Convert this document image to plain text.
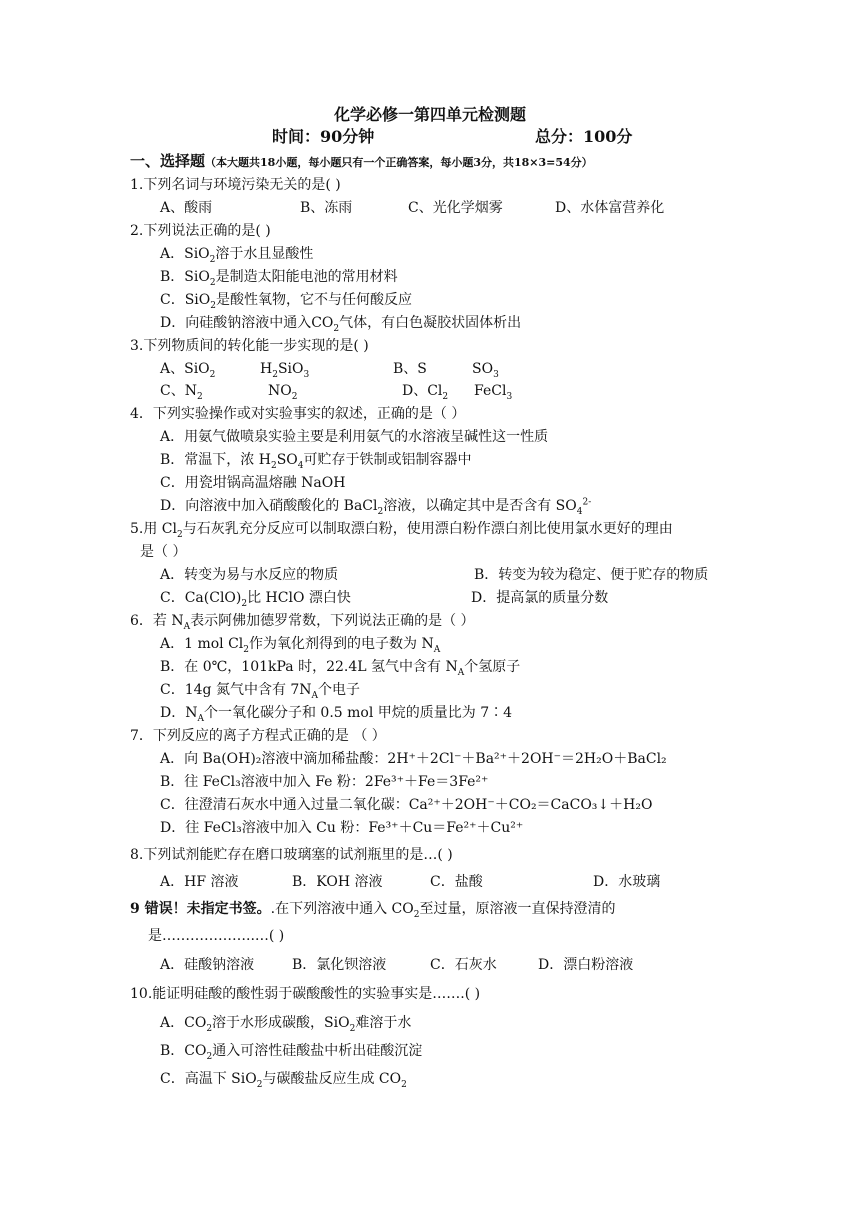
化学必修一第四单元检测题
时间：90分钟	总分：100分
一、选择题（本大题共18小题，每小题只有一个正确答案，每小题3分，共18×3=54分）
1.下列名词与环境污染无关的是( )
A、酸雨	B、冻雨	C、光化学烟雾	D、水体富营养化
2.下列说法正确的是( )
A．SiO$_2$溶于水且显酸性
B．SiO$_2$是制造太阳能电池的常用材料
C．SiO$_2$是酸性氧物，它不与任何酸反应
D．向硅酸钠溶液中通入$CO_2$气体，有白色凝胶状固体析出
3.下列物质间的转化能一步实现的是( )
A、SiO$_2$	$H_2SiO_3$	B、S	$SO_3$
C、$N_2$	$NO_2$	D、$Cl_2$ FeCl$_3$
4．下列实验操作或对实验事实的叙述，正确的是（ ）
A．用氨气做喷泉实验主要是利用氨气的水溶液呈碱性这一性质
B．常温下，浓 $H_2SO_4$可贮存于铁制或铝制容器中
C．用瓷坩锅高温熔融 NaOH
D．向溶液中加入硝酸酸化的 BaCl$_2$溶液，以确定其中是否含有 $SO_4^{2-}$
5.用 $Cl_2$与石灰乳充分反应可以制取漂白粉，使用漂白粉作漂白剂比使用氯水更好的理由
是（ ）
A．转变为易与水反应的物质	B．转变为较为稳定、便于贮存的物质
C．$Ca(ClO)_2$比 HClO 漂白快	D．提高氯的质量分数
6．若 $N_A$表示阿佛加德罗常数，下列说法正确的是（ ）
A．1 mol $Cl_2$作为氧化剂得到的电子数为 $N_A$
B．在 0℃，101kPa 时，22.4L 氢气中含有 $N_A$个氢原子
C．14g 氮气中含有 $7N_A$个电子
D．$N_A$个一氧化碳分子和 0.5 mol 甲烷的质量比为 7∶4
7．下列反应的离子方程式正确的是 （ ）
A．向 Ba(OH)₂溶液中滴加稀盐酸：2H⁺＋2Cl⁻＋Ba²⁺＋2OH⁻＝2H₂O＋BaCl₂
B．往 FeCl₃溶液中加入 Fe 粉：2Fe³⁺＋Fe＝3Fe²⁺
C．往澄清石灰水中通入过量二氧化碳：Ca²⁺＋2OH⁻＋CO₂＝CaCO₃↓＋H₂O
D．往 FeCl₃溶液中加入 Cu 粉：Fe³⁺＋Cu＝Fe²⁺＋Cu²⁺
8.下列试剂能贮存在磨口玻璃塞的试剂瓶里的是…( )
A．HF 溶液	B．KOH 溶液	C．盐酸	D．水玻璃
9 错误！未指定书签。.在下列溶液中通入 $CO_2$至过量，原溶液一直保持澄清的
是………………..…( )
A．硅酸钠溶液	B．氯化钡溶液	C．石灰水	D．漂白粉溶液
10.能证明硅酸的酸性弱于碳酸酸性的实验事实是…….( )
A．$CO_2$溶于水形成碳酸，SiO$_2$难溶于水
B．$CO_2$通入可溶性硅酸盐中析出硅酸沉淀
C．高温下 SiO$_2$与碳酸盐反应生成 $CO_2$
